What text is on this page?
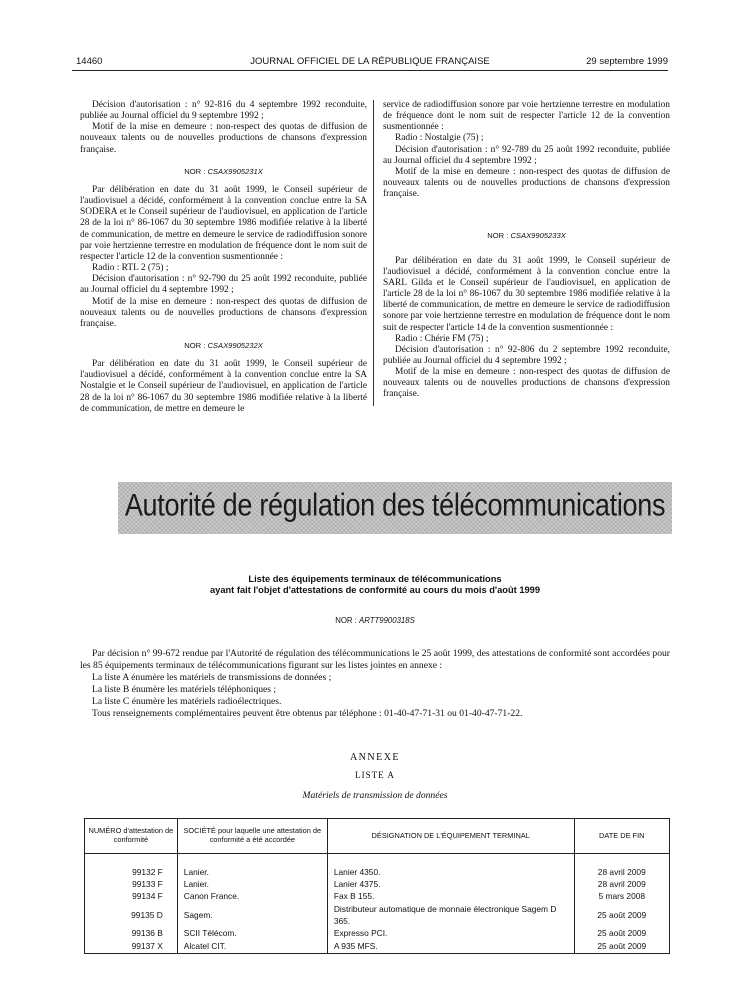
14460	JOURNAL OFFICIEL DE LA RÉPUBLIQUE FRANÇAISE	29 septembre 1999

Décision d'autorisation : n° 92-816 du 4 septembre 1992 reconduite, publiée au Journal officiel du 9 septembre 1992 ;

Motif de la mise en demeure : non-respect des quotas de diffusion de nouveaux talents ou de nouvelles productions de chansons d'expression française.

NOR : CSAX9905231X

Par délibération en date du 31 août 1999, le Conseil supérieur de l'audiovisuel a décidé, conformément à la convention conclue entre la SA SODERA et le Conseil supérieur de l'audiovisuel, en application de l'article 28 de la loi n° 86-1067 du 30 septembre 1986 modifiée relative à la liberté de communication, de mettre en demeure le service de radiodiffusion sonore par voie hertzienne terrestre en modulation de fréquence dont le nom suit de respecter l'article 12 de la convention susmentionnée :

Radio : RTL 2 (75) ;

Décision d'autorisation : n° 92-790 du 25 août 1992 reconduite, publiée au Journal officiel du 4 septembre 1992 ;

Motif de la mise en demeure : non-respect des quotas de diffusion de nouveaux talents ou de nouvelles productions de chansons d'expression française.

NOR : CSAX9905232X

Par délibération en date du 31 août 1999, le Conseil supérieur de l'audiovisuel a décidé, conformément à la convention conclue entre la SA Nostalgie et le Conseil supérieur de l'audiovisuel, en application de l'article 28 de la loi n° 86-1067 du 30 septembre 1986 modifiée relative à la liberté de communication, de mettre en demeure le

service de radiodiffusion sonore par voie hertzienne terrestre en modulation de fréquence dont le nom suit de respecter l'article 12 de la convention susmentionnée :

Radio : Nostalgie (75) ;

Décision d'autorisation : n° 92-789 du 25 août 1992 reconduite, publiée au Journal officiel du 4 septembre 1992 ;

Motif de la mise en demeure : non-respect des quotas de diffusion de nouveaux talents ou de nouvelles productions de chansons d'expression française.

NOR : CSAX9905233X

Par délibération en date du 31 août 1999, le Conseil supérieur de l'audiovisuel a décidé, conformément à la convention conclue entre la SARL Gilda et le Conseil supérieur de l'audiovisuel, en application de l'article 28 de la loi n° 86-1067 du 30 septembre 1986 modifiée relative à la liberté de communication, de mettre en demeure le service de radiodiffusion sonore par voie hertzienne terrestre en modulation de fréquence dont le nom suit de respecter l'article 14 de la convention susmentionnée :

Radio : Chérie FM (75) ;

Décision d'autorisation : n° 92-806 du 2 septembre 1992 reconduite, publiée au Journal officiel du 4 septembre 1992 ;

Motif de la mise en demeure : non-respect des quotas de diffusion de nouveaux talents ou de nouvelles productions de chansons d'expression française.

Autorité de régulation des télécommunications
Liste des équipements terminaux de télécommunications
ayant fait l'objet d'attestations de conformité au cours du mois d'août 1999
NOR : ARTT9900318S

Par décision n° 99-672 rendue par l'Autorité de régulation des télécommunications le 25 août 1999, des attestations de conformité sont accordées pour les 85 équipements terminaux de télécommunications figurant sur les listes jointes en annexe :

La liste A énumère les matériels de transmissions de données ;

La liste B énumère les matériels téléphoniques ;

La liste C énumère les matériels radioélectriques.

Tous renseignements complémentaires peuvent être obtenus par téléphone : 01-40-47-71-31 ou 01-40-47-71-22.

ANNEXE
LISTE A
Matériels de transmission de données
NUMÉRO d'attestation de conformité	SOCIÉTÉ pour laquelle une attestation de conformité a été accordée	DÉSIGNATION DE L'ÉQUIPEMENT TERMINAL	DATE DE FIN

99132 F	Lanier.	Lanier 4350.	28 avril 2009
99133 F	Lanier.	Lanier 4375.	28 avril 2009
99134 F	Canon France.	Fax B 155.	5 mars 2008
99135 D	Sagem.	Distributeur automatique de monnaie électronique Sagem D 365.	25 août 2009
99136 B	SCII Télécom.	Expresso PCI.	25 août 2009
99137 X	Alcatel CIT.	A 935 MFS.	25 août 2009
